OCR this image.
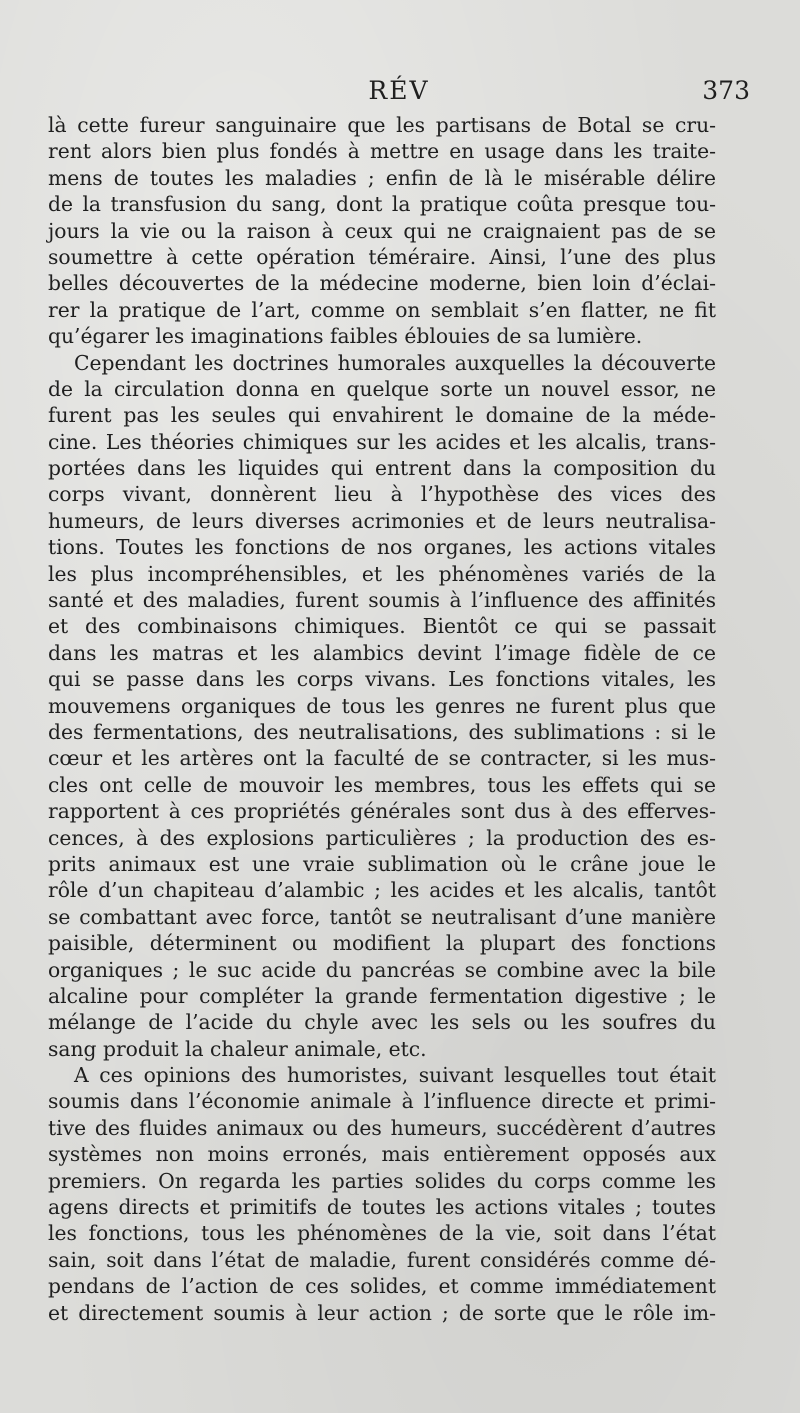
RÉV	373
là cette fureur sanguinaire que les partisans de Botal se cru-
rent alors bien plus fondés à mettre en usage dans les traite-
mens de toutes les maladies ; enfin de là le misérable délire
de la transfusion du sang, dont la pratique coûta presque tou-
jours la vie ou la raison à ceux qui ne craignaient pas de se
soumettre à cette opération téméraire. Ainsi, l’une des plus
belles découvertes de la médecine moderne, bien loin d’éclai-
rer la pratique de l’art, comme on semblait s’en flatter, ne fit
qu’égarer les imaginations faibles éblouies de sa lumière.
Cependant les doctrines humorales auxquelles la découverte
de la circulation donna en quelque sorte un nouvel essor, ne
furent pas les seules qui envahirent le domaine de la méde-
cine. Les théories chimiques sur les acides et les alcalis, trans-
portées dans les liquides qui entrent dans la composition du
corps vivant, donnèrent lieu à l’hypothèse des vices des
humeurs, de leurs diverses acrimonies et de leurs neutralisa-
tions. Toutes les fonctions de nos organes, les actions vitales
les plus incompréhensibles, et les phénomènes variés de la
santé et des maladies, furent soumis à l’influence des affinités
et des combinaisons chimiques. Bientôt ce qui se passait
dans les matras et les alambics devint l’image fidèle de ce
qui se passe dans les corps vivans. Les fonctions vitales, les
mouvemens organiques de tous les genres ne furent plus que
des fermentations, des neutralisations, des sublimations : si le
cœur et les artères ont la faculté de se contracter, si les mus-
cles ont celle de mouvoir les membres, tous les effets qui se
rapportent à ces propriétés générales sont dus à des efferves-
cences, à des explosions particulières ; la production des es-
prits animaux est une vraie sublimation où le crâne joue le
rôle d’un chapiteau d’alambic ; les acides et les alcalis, tantôt
se combattant avec force, tantôt se neutralisant d’une manière
paisible, déterminent ou modifient la plupart des fonctions
organiques ; le suc acide du pancréas se combine avec la bile
alcaline pour compléter la grande fermentation digestive ; le
mélange de l’acide du chyle avec les sels ou les soufres du
sang produit la chaleur animale, etc.
A ces opinions des humoristes, suivant lesquelles tout était
soumis dans l’économie animale à l’influence directe et primi-
tive des fluides animaux ou des humeurs, succédèrent d’autres
systèmes non moins erronés, mais entièrement opposés aux
premiers. On regarda les parties solides du corps comme les
agens directs et primitifs de toutes les actions vitales ; toutes
les fonctions, tous les phénomènes de la vie, soit dans l’état
sain, soit dans l’état de maladie, furent considérés comme dé-
pendans de l’action de ces solides, et comme immédiatement
et directement soumis à leur action ; de sorte que le rôle im-
